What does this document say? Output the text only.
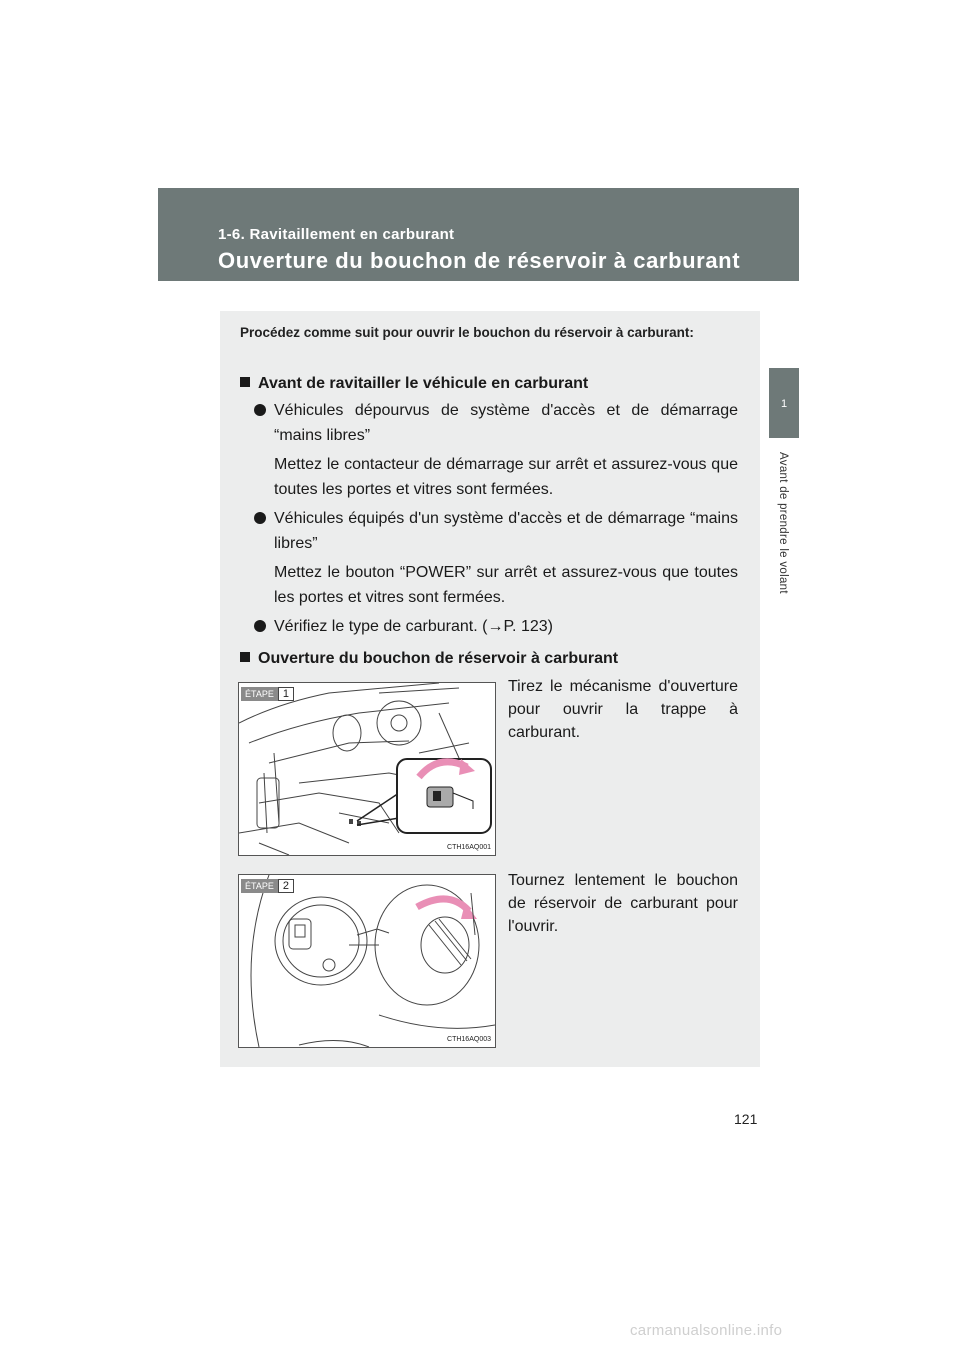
1-6. Ravitaillement en carburant
Ouverture du bouchon de réservoir à carburant
1
Avant de prendre le volant
Procédez comme suit pour ouvrir le bouchon du réservoir à carburant:
Avant de ravitailler le véhicule en carburant
Véhicules dépourvus de système d'accès et de démarrage “mains libres”
Mettez le contacteur de démarrage sur arrêt et assurez-vous que toutes les portes et vitres sont fermées.
Véhicules équipés d'un système d'accès et de démarrage “mains libres”
Mettez le bouton “POWER” sur arrêt et assurez-vous que toutes les portes et vitres sont fermées.
Vérifiez le type de carburant. (→P. 123)
Ouverture du bouchon de réservoir à carburant
ÉTAPE 1
CTH16AQ001
Tirez le mécanisme d'ouverture pour ouvrir la trappe à carburant.
ÉTAPE 2
CTH16AQ003
Tournez lentement le bouchon de réservoir de carburant pour l'ouvrir.
121
carmanualsonline.info
